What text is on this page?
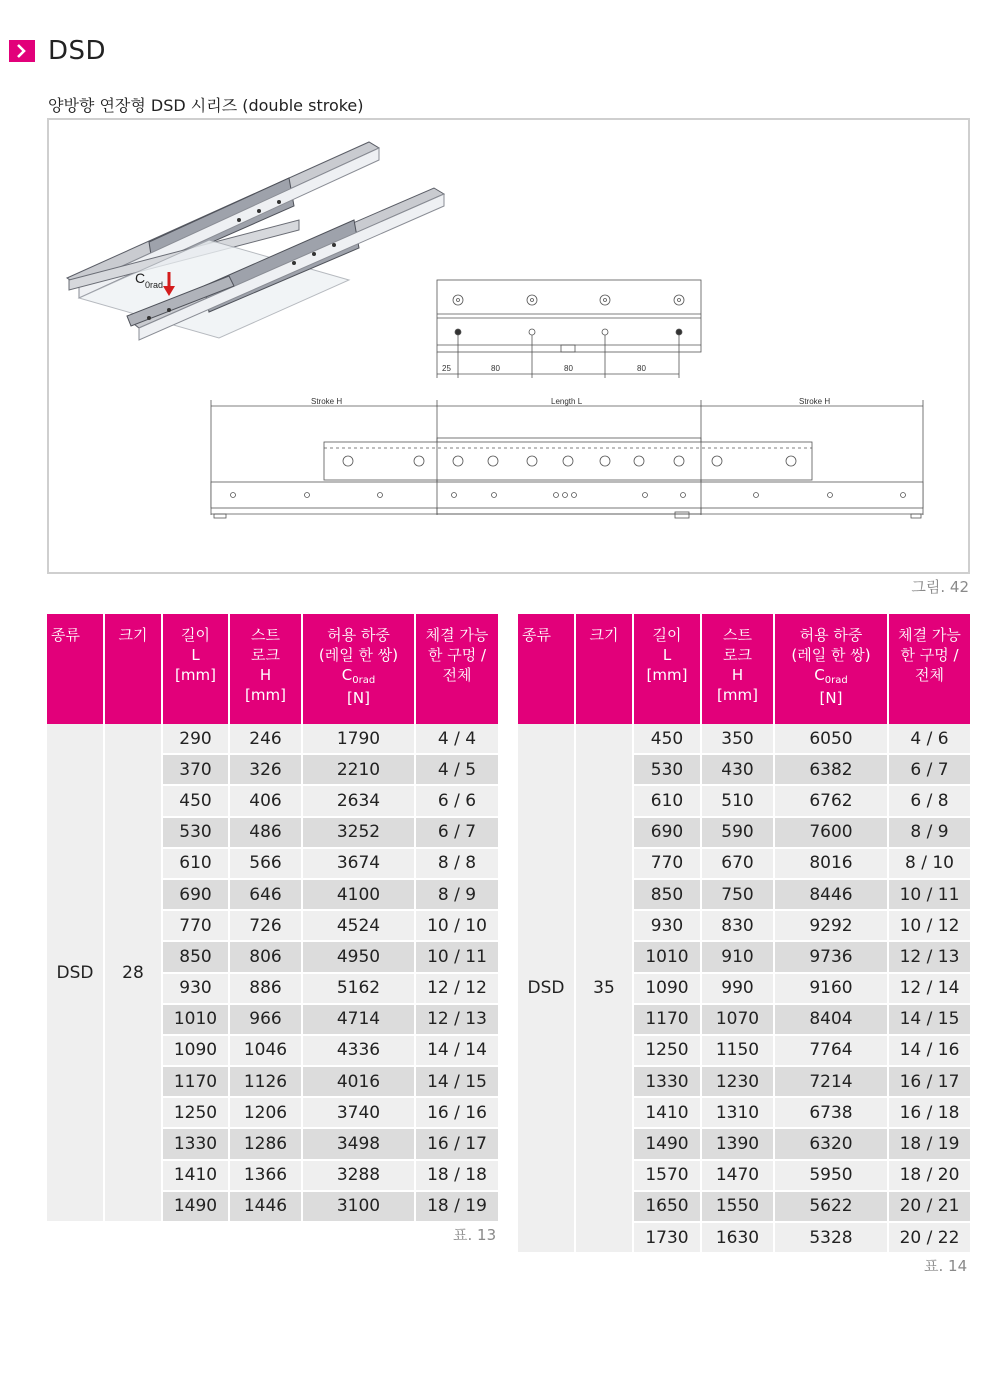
DSD
양방향 연장형 DSD 시리즈 (double stroke)
C 0rad
25	80	80	80
Stroke H	Length L	Stroke H
그림. 42
종류	크기	길이
L
[mm]	스트
로크
H
[mm]	허용 하중
(레일 한 쌍)
$C_{0rad}$
[N]	체결 가능
한 구멍 /
전체
DSD	28	290	246	1790	4 / 4
		370	326	2210	4 / 5
		450	406	2634	6 / 6
		530	486	3252	6 / 7
		610	566	3674	8 / 8
		690	646	4100	8 / 9
		770	726	4524	10 / 10
		850	806	4950	10 / 11
		930	886	5162	12 / 12
		1010	966	4714	12 / 13
		1090	1046	4336	14 / 14
		1170	1126	4016	14 / 15
		1250	1206	3740	16 / 16
		1330	1286	3498	16 / 17
		1410	1366	3288	18 / 18
		1490	1446	3100	18 / 19
표. 13
종류	크기	길이
L
[mm]	스트
로크
H
[mm]	허용 하중
(레일 한 쌍)
$C_{0rad}$
[N]	체결 가능
한 구멍 /
전체
DSD	35	450	350	6050	4 / 6
		530	430	6382	6 / 7
		610	510	6762	6 / 8
		690	590	7600	8 / 9
		770	670	8016	8 / 10
		850	750	8446	10 / 11
		930	830	9292	10 / 12
		1010	910	9736	12 / 13
		1090	990	9160	12 / 14
		1170	1070	8404	14 / 15
		1250	1150	7764	14 / 16
		1330	1230	7214	16 / 17
		1410	1310	6738	16 / 18
		1490	1390	6320	18 / 19
		1570	1470	5950	18 / 20
		1650	1550	5622	20 / 21
		1730	1630	5328	20 / 22
표. 14
